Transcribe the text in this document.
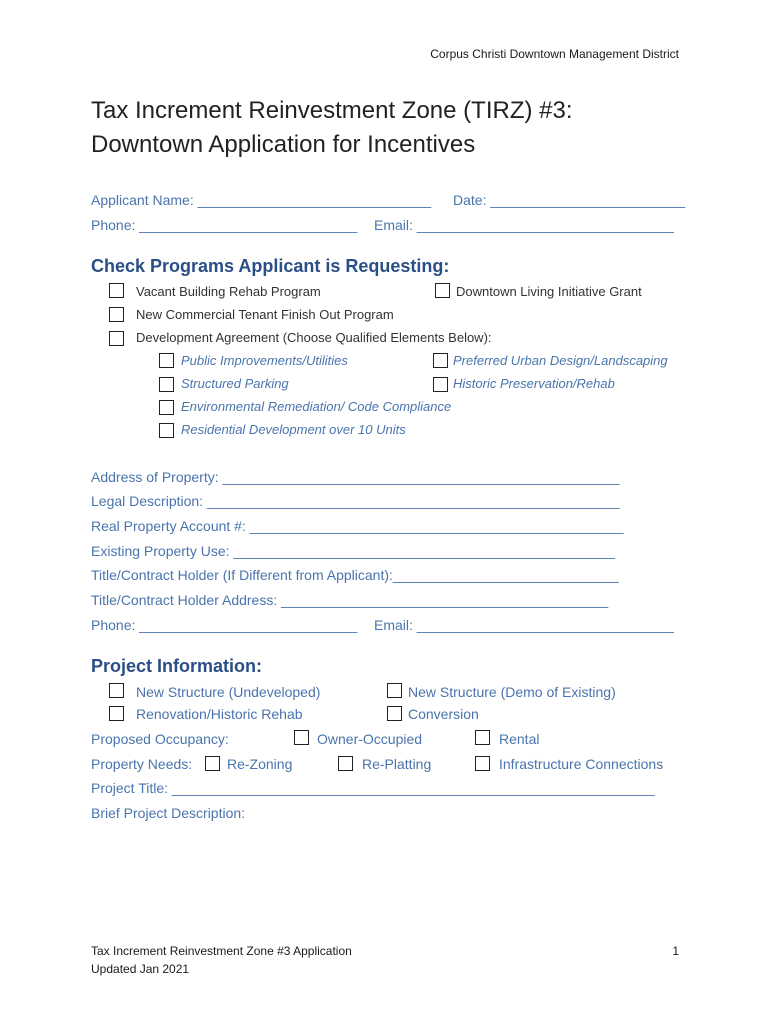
Corpus Christi Downtown Management District
Tax Increment Reinvestment Zone (TIRZ) #3:
Downtown Application for Incentives
Applicant Name: ______________________________ Date: _________________________
Phone: ____________________________ Email: _________________________________
Check Programs Applicant is Requesting:
Vacant Building Rehab Program	Downtown Living Initiative Grant
New Commercial Tenant Finish Out Program
Development Agreement (Choose Qualified Elements Below):
Public Improvements/Utilities	Preferred Urban Design/Landscaping
Structured Parking	Historic Preservation/Rehab
Environmental Remediation/ Code Compliance
Residential Development over 10 Units
Address of Property: ___________________________________________________
Legal Description: _____________________________________________________
Real Property Account #: ________________________________________________
Existing Property Use: _________________________________________________
Title/Contract Holder (If Different from Applicant):_____________________________
Title/Contract Holder Address: __________________________________________
Phone: ____________________________ Email: _________________________________
Project Information:
New Structure (Undeveloped)	New Structure (Demo of Existing)
Renovation/Historic Rehab	Conversion
Proposed Occupancy:	Owner-Occupied	Rental
Property Needs: Re-Zoning	Re-Platting	Infrastructure Connections
Project Title: ______________________________________________________________
Brief Project Description:
Tax Increment Reinvestment Zone #3 Application
Updated Jan 2021
1
